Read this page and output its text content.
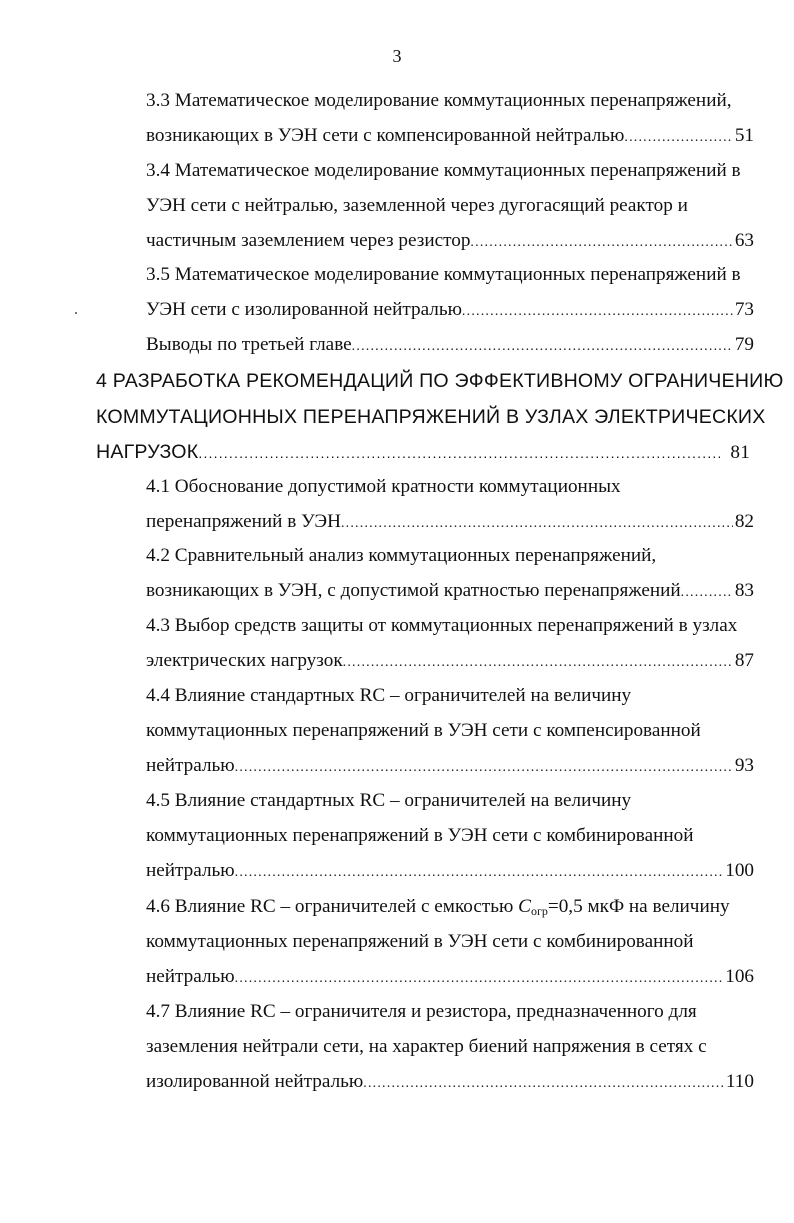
3
3.3 Математическое моделирование коммутационных перенапряжений,
возникающих в УЭН сети с компенсированной нейтралью .....	51
3.4 Математическое моделирование коммутационных перенапряжений в
УЭН сети с нейтралью, заземленной через дугогасящий реактор и
частичным заземлением через резистор .....	63
3.5 Математическое моделирование коммутационных перенапряжений в
УЭН сети с изолированной нейтралью .....	73
Выводы по третьей главе .....	79
4 РАЗРАБОТКА РЕКОМЕНДАЦИЙ ПО ЭФФЕКТИВНОМУ ОГРАНИЧЕНИЮ
КОММУТАЦИОННЫХ ПЕРЕНАПРЯЖЕНИЙ В УЗЛАХ ЭЛЕКТРИЧЕСКИХ
НАГРУЗОК .....	81
4.1 Обоснование допустимой кратности коммутационных
перенапряжений в УЭН .....	82
4.2 Сравнительный анализ коммутационных перенапряжений,
возникающих в УЭН, с допустимой кратностью перенапряжений .....	83
4.3 Выбор средств защиты от коммутационных перенапряжений в узлах
электрических нагрузок .....	87
4.4 Влияние стандартных RC – ограничителей на величину
коммутационных перенапряжений в УЭН сети с компенсированной
нейтралью .....	93
4.5 Влияние стандартных RC – ограничителей на величину
коммутационных перенапряжений в УЭН сети с комбинированной
нейтралью .....	100
4.6 Влияние RC – ограничителей с емкостью Cогр=0,5 мкФ на величину
коммутационных перенапряжений в УЭН сети с комбинированной
нейтралью .....	106
4.7 Влияние RC – ограничителя и резистора, предназначенного для
заземления нейтрали сети, на характер биений напряжения в сетях с
изолированной нейтралью .....	110
